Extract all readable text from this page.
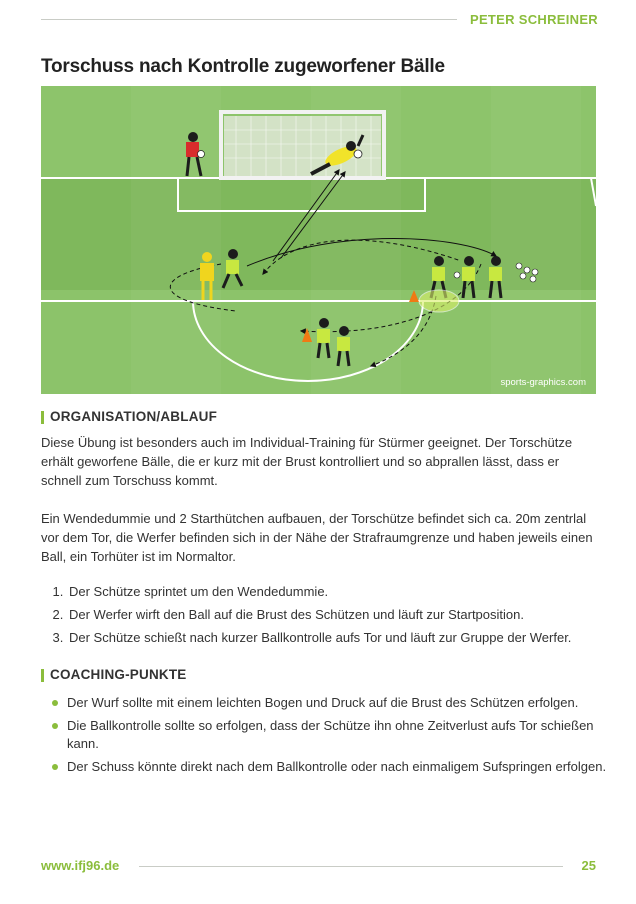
PETER SCHREINER
Torschuss nach Kontrolle zugeworfener Bälle
sports-graphics.com
ORGANISATION/ABLAUF

Diese Übung ist besonders auch im Individual-Training für Stürmer geeignet. Der Torschütze erhält geworfene Bälle, die er kurz mit der Brust kontrolliert und so abprallen lässt, dass er schnell zum Torschuss kommt.

Ein Wendedummie und 2 Starthütchen aufbauen, der Torschütze befindet sich ca. 20m zentrlal vor dem Tor, die Werfer befinden sich in der Nähe der Strafraumgrenze und haben jeweils einen Ball, ein Torhüter ist im Normaltor.

1. Der Schütze sprintet um den Wendedummie.
2. Der Werfer wirft den Ball auf die Brust des Schützen und läuft zur Startposition.
3. Der Schütze schießt nach kurzer Ballkontrolle aufs Tor und läuft zur Gruppe der Werfer.
COACHING-PUNKTE
Der Wurf sollte mit einem leichten Bogen und Druck auf die Brust des Schützen erfolgen.
Die Ballkontrolle sollte so erfolgen, dass der Schütze ihn ohne Zeitverlust aufs Tor schießen kann.
Der Schuss könnte direkt nach dem Ballkontrolle oder nach einmaligem Sufspringen erfolgen.
www.ifj96.de	25
